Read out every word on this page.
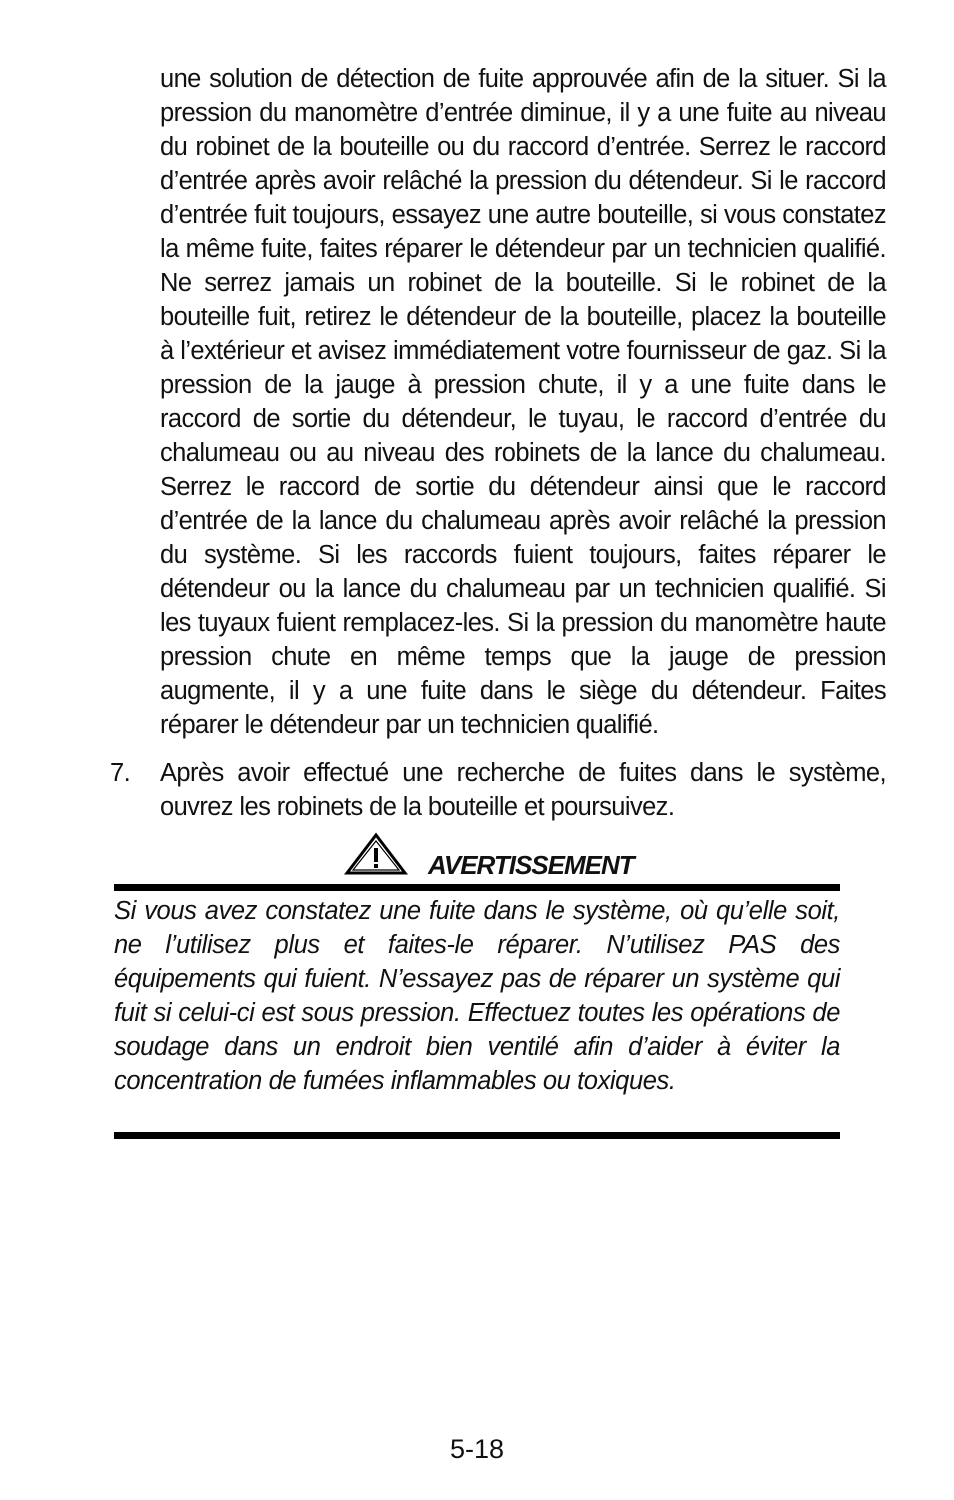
une solution de détection de fuite approuvée afin de la situer. Si la pression du manomètre d’entrée diminue, il y a une fuite au niveau du robinet de la bouteille ou du raccord d’entrée. Serrez le raccord d’entrée après avoir relâché la pression du détendeur. Si le raccord d’entrée fuit toujours, essayez une autre bouteille, si vous constatez la même fuite, faites réparer le détendeur par un technicien qualifié. Ne serrez jamais un robinet de la bouteille. Si le robinet de la bouteille fuit, retirez le détendeur de la bouteille, placez la bouteille à l’extérieur et avisez immédiatement votre fournisseur de gaz. Si la pression de la jauge à pression chute, il y a une fuite dans le raccord de sortie du détendeur, le tuyau, le raccord d’entrée du chalumeau ou au niveau des robinets de la lance du chalumeau. Serrez le raccord de sortie du détendeur ainsi que le raccord d’entrée de la lance du chalumeau après avoir relâché la pression du système. Si les raccords fuient toujours, faites réparer le détendeur ou la lance du chalumeau par un technicien qualifié. Si les tuyaux fuient remplacez-les. Si la pression du manomètre haute pression chute en même temps que la jauge de pression augmente, il y a une fuite dans le siège du détendeur. Faites réparer le détendeur par un technicien qualifié.

7.	Après avoir effectué une recherche de fuites dans le système, ouvrez les robinets de la bouteille et poursuivez.

AVERTISSEMENT

Si vous avez constatez une fuite dans le système, où qu’elle soit, ne l’utilisez plus et faites-le réparer. N’utilisez PAS des équipements qui fuient. N’essayez pas de réparer un système qui fuit si celui-ci est sous pression. Effectuez toutes les opérations de soudage dans un endroit bien ventilé afin d’aider à éviter la concentration de fumées inflammables ou toxiques.

5-18
